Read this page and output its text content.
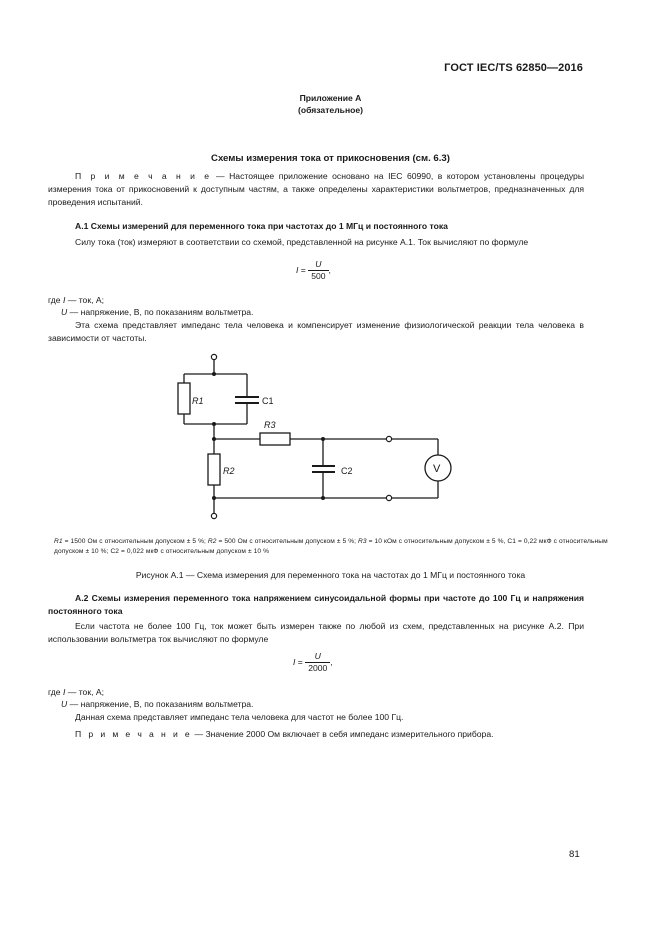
ГОСТ IEC/TS 62850—2016
Приложение А
(обязательное)
Схемы измерения тока от прикосновения (см. 6.3)
П р и м е ч а н и е — Настоящее приложение основано на IEC 60990, в котором установлены процедуры измерения тока от прикосновений к доступным частям, а также определены характеристики вольтметров, предназначенных для проведения испытаний.
А.1 Схемы измерений для переменного тока при частотах до 1 МГц и постоянного тока
Силу тока (ток) измеряют в соответствии со схемой, представленной на рисунке А.1. Ток вычисляют по формуле
$I = \frac{U}{500}$ ,
где I — ток, А;
U — напряжение, В, по показаниям вольтметра.
Эта схема представляет импеданс тела человека и компенсирует изменение физиологической реакции тела человека в зависимости от частоты.
R1
R3
R2
C1
C2	V
R1 = 1500 Ом с относительным допуском ± 5 %; R2 = 500 Ом с относительным допуском ± 5 %; R3 = 10 кОм с относительным допуском ± 5 %, C1 = 0,22 мкФ с относительным допуском ± 10 %; C2 = 0,022 мкФ с относительным допуском ± 10 %
Рисунок А.1 — Схема измерения для переменного тока на частотах до 1 МГц и постоянного тока
А.2 Схемы измерения переменного тока напряжением синусоидальной формы при частоте до 100 Гц и напряжения постоянного тока
Если частота не более 100 Гц, ток может быть измерен также по любой из схем, представленных на рисунке А.2. При использовании вольтметра ток вычисляют по формуле
$I = \frac{U}{2000}$ ,
где I — ток, А;
U — напряжение, В, по показаниям вольтметра.
Данная схема представляет импеданс тела человека для частот не более 100 Гц.
П р и м е ч а н и е — Значение 2000 Ом включает в себя импеданс измерительного прибора.
81
